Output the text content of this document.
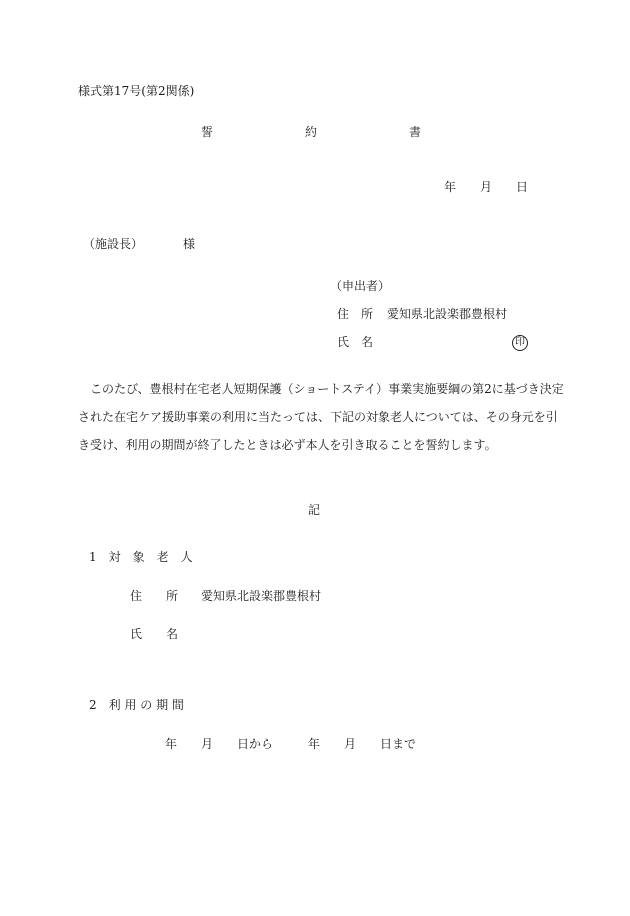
様式第17号(第2関係)
誓	約	書
年 月 日
（施設長）	様
（申出者）
住　所 愛知県北設楽郡豊根村
氏　名	印
このたび、豊根村在宅老人短期保護（ショートステイ）事業実施要綱の第2に基づき決定
された在宅ケア援助事業の利用に当たっては、下記の対象老人については、その身元を引
き受け、利用の期間が終了したときは必ず本人を引き取ることを誓約します。
記
1　対　象　老　人
住　　所 愛知県北設楽郡豊根村
氏　　名
2　利 用 の 期 間
年 月 日から	年 月 日まで
